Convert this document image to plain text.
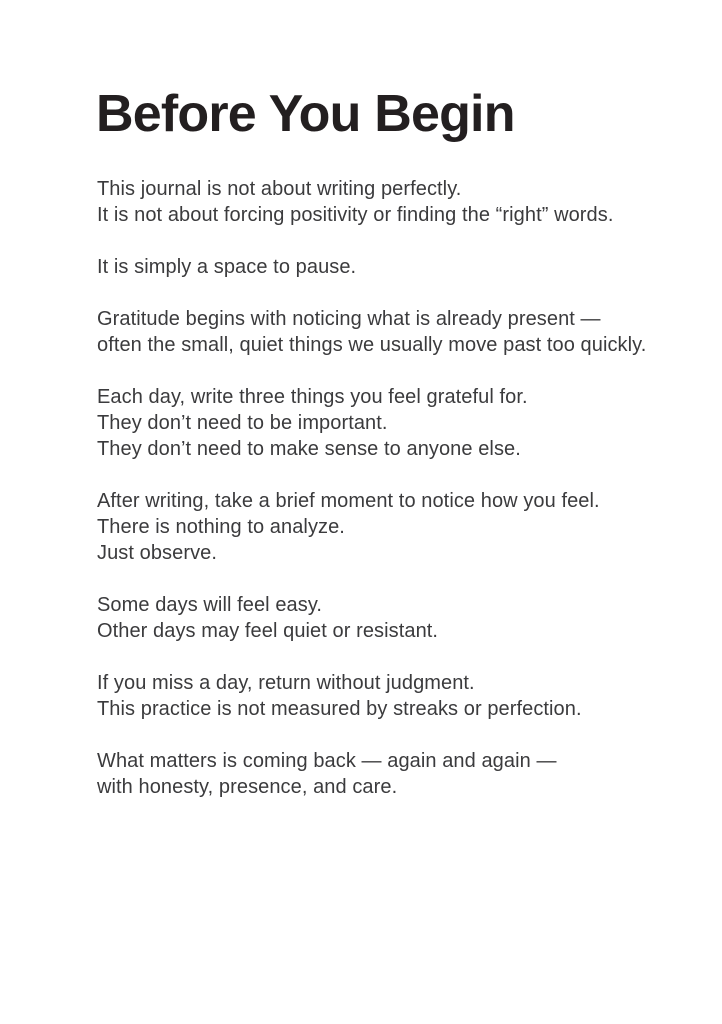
Before You Begin

This journal is not about writing perfectly.
It is not about forcing positivity or finding the “right” words.

It is simply a space to pause.

Gratitude begins with noticing what is already present —
often the small, quiet things we usually move past too quickly.

Each day, write three things you feel grateful for.
They don’t need to be important.
They don’t need to make sense to anyone else.

After writing, take a brief moment to notice how you feel.
There is nothing to analyze.
Just observe.

Some days will feel easy.
Other days may feel quiet or resistant.

If you miss a day, return without judgment.
This practice is not measured by streaks or perfection.

What matters is coming back — again and again —
with honesty, presence, and care.
